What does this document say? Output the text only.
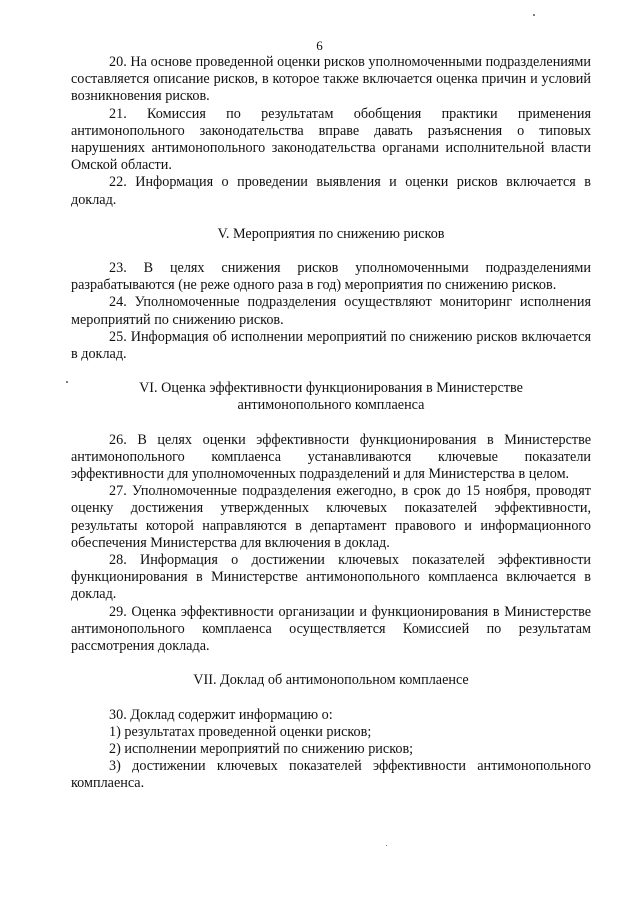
6

20. На основе проведенной оценки рисков уполномоченными подразделениями составляется описание рисков, в которое также включается оценка причин и условий возникновения рисков.

21. Комиссия по результатам обобщения практики применения антимонопольного законодательства вправе давать разъяснения о типовых нарушениях антимонопольного законодательства органами исполнительной власти Омской области.

22. Информация о проведении выявления и оценки рисков включается в доклад.

V. Мероприятия по снижению рисков

23. В целях снижения рисков уполномоченными подразделениями разрабатываются (не реже одного раза в год) мероприятия по снижению рисков.

24. Уполномоченные подразделения осуществляют мониторинг исполнения мероприятий по снижению рисков.

25. Информация об исполнении мероприятий по снижению рисков включается в доклад.

VI. Оценка эффективности функционирования в Министерстве
антимонопольного комплаенса

26. В целях оценки эффективности функционирования в Министерстве антимонопольного комплаенса устанавливаются ключевые показатели эффективности для уполномоченных подразделений и для Министерства в целом.

27. Уполномоченные подразделения ежегодно, в срок до 15 ноября, проводят оценку достижения утвержденных ключевых показателей эффективности, результаты которой направляются в департамент правового и информационного обеспечения Министерства для включения в доклад.

28. Информация о достижении ключевых показателей эффективности функционирования в Министерстве антимонопольного комплаенса включается в доклад.

29. Оценка эффективности организации и функционирования в Министерстве антимонопольного комплаенса осуществляется Комиссией по результатам рассмотрения доклада.

VII. Доклад об антимонопольном комплаенсе

30. Доклад содержит информацию о:

1) результатах проведенной оценки рисков;

2) исполнении мероприятий по снижению рисков;

3) достижении ключевых показателей эффективности антимонопольного комплаенса.
